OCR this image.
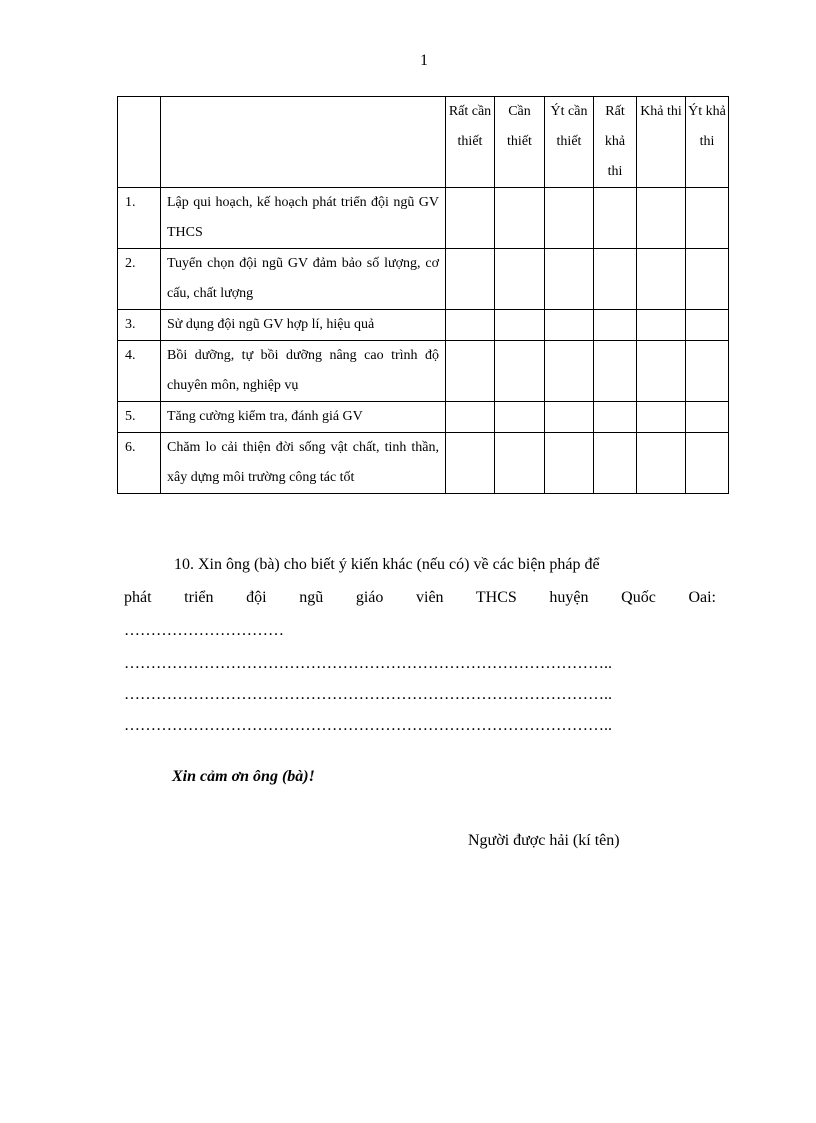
1
		Rất cần thiết	Cần thiết	Ýt cần thiết	Rất khả thi	Khả thi	Ýt khả thi
1.	Lập qui hoạch, kế hoạch phát triển đội ngũ GV THCS						
2.	Tuyển chọn đội ngũ GV đảm bảo số lượng, cơ cấu, chất lượng						
3.	Sử dụng đội ngũ GV hợp lí, hiệu quả						
4.	Bồi dưỡng, tự bồi dưỡng nâng cao trình độ chuyên môn, nghiệp vụ						
5.	Tăng cường kiểm tra, đánh giá GV						
6.	Chăm lo cải thiện đời sống vật chất, tinh thần, xây dựng môi trường công tác tốt						
10. Xin ông (bà) cho biết ý kiến khác (nếu có) về các biện pháp để
phát triển đội ngũ giáo viên THCS huyện Quốc Oai:
…………………………
………………………………………………………………………………..
………………………………………………………………………………..
………………………………………………………………………………..
Xin cảm ơn ông (bà)!
Người được hải (kí tên)
